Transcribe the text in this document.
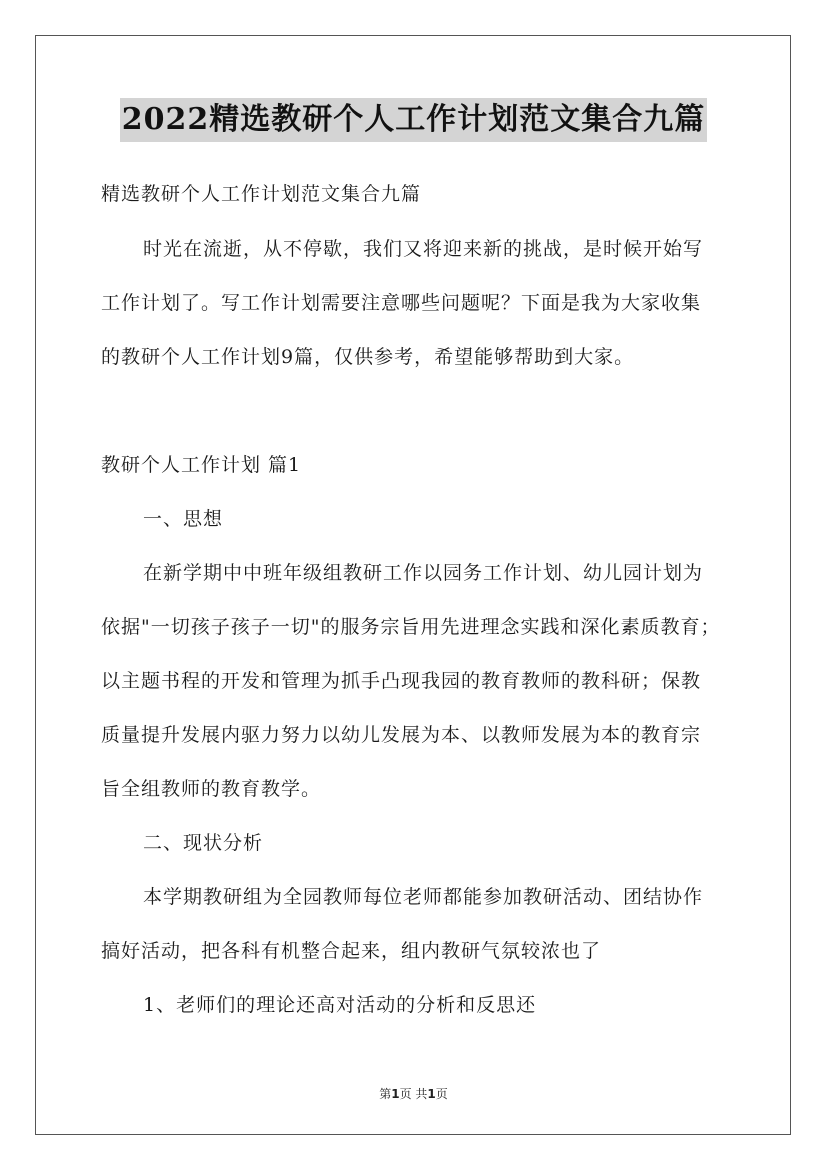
2022精选教研个人工作计划范文集合九篇
精选教研个人工作计划范文集合九篇
时光在流逝，从不停歇，我们又将迎来新的挑战，是时候开始写
工作计划了。写工作计划需要注意哪些问题呢？下面是我为大家收集
的教研个人工作计划9篇，仅供参考，希望能够帮助到大家。
教研个人工作计划 篇1
一、思想
在新学期中中班年级组教研工作以园务工作计划、幼儿园计划为
依据"一切孩子孩子一切"的服务宗旨用先进理念实践和深化素质教育；
以主题书程的开发和管理为抓手凸现我园的教育教师的教科研；保教
质量提升发展内驱力努力以幼儿发展为本、以教师发展为本的教育宗
旨全组教师的教育教学。
二、现状分析
本学期教研组为全园教师每位老师都能参加教研活动、团结协作
搞好活动，把各科有机整合起来，组内教研气氛较浓也了
1、老师们的理论还高对活动的分析和反思还
第1页 共1页
